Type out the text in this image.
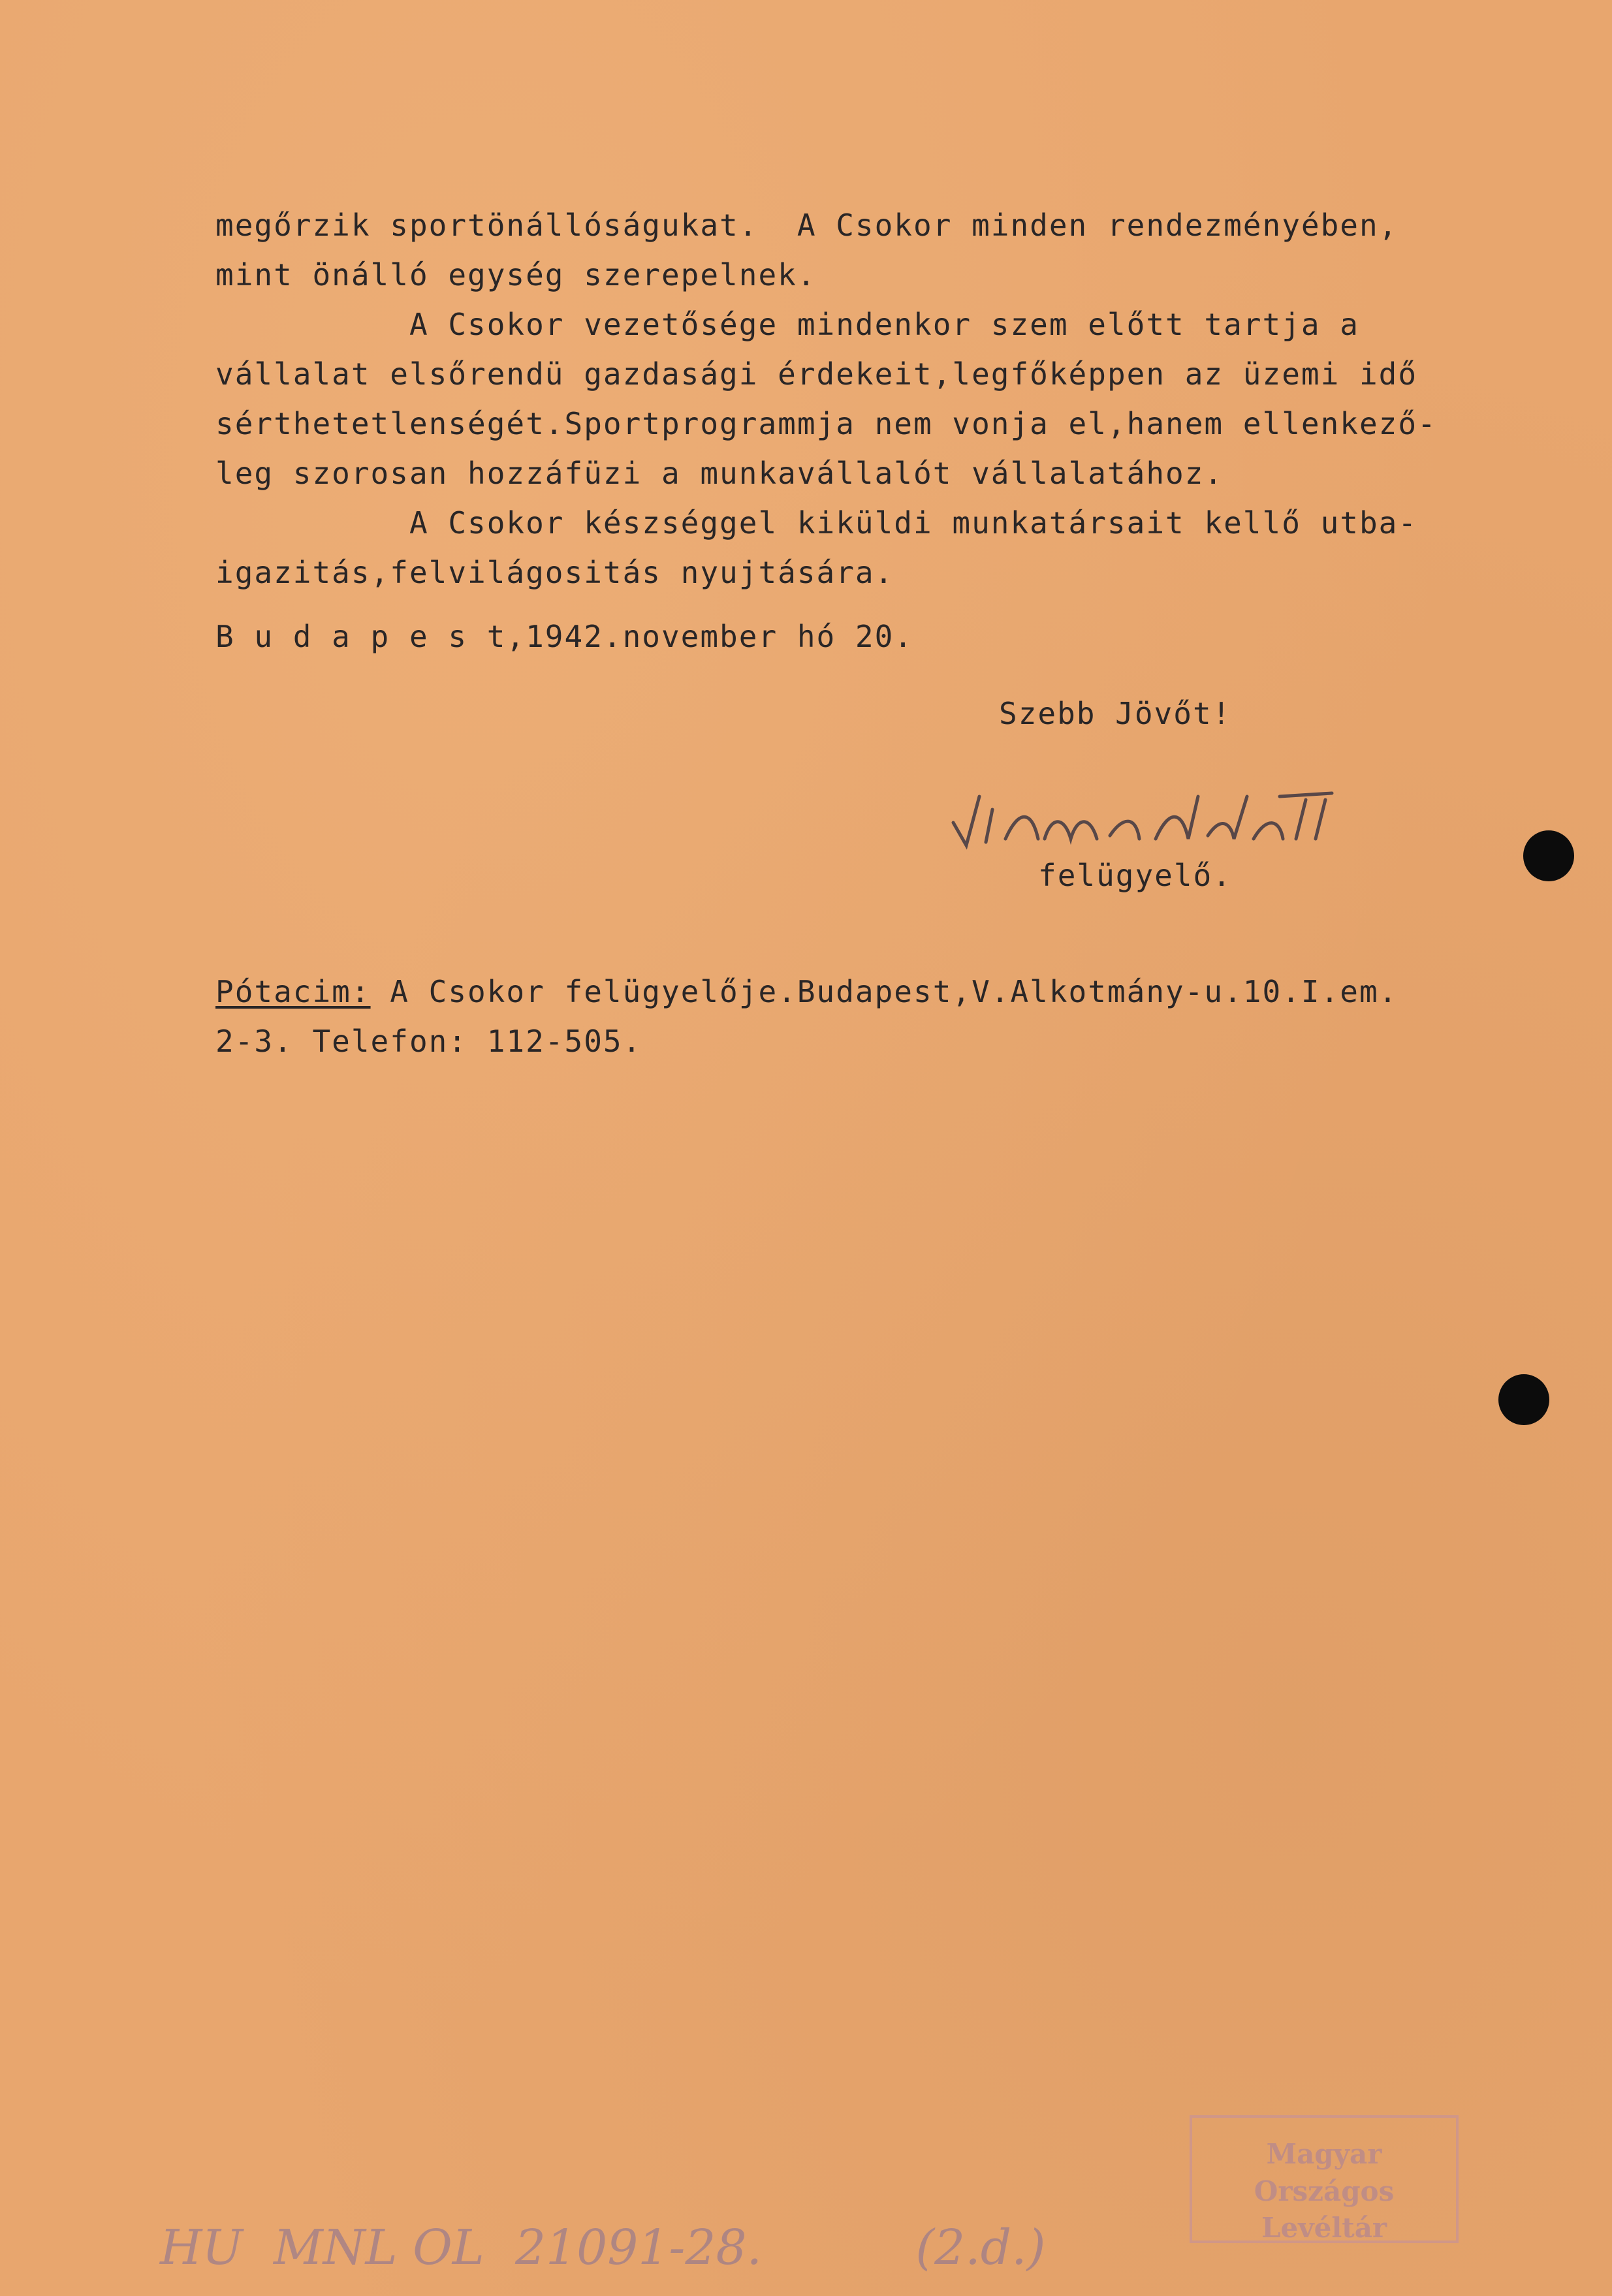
megőrzik sportönállóságukat.  A Csokor minden rendezményében,
mint önálló egység szerepelnek.
A Csokor vezetősége mindenkor szem előtt tartja a
vállalat elsőrendü gazdasági érdekeit,legfőképpen az üzemi idő
sérthetetlenségét.Sportprogrammja nem vonja el,hanem ellenkező-
leg szorosan hozzáfüzi a munkavállalót vállalatához.
A Csokor készséggel kiküldi munkatársait kellő utba-
igazitás,felvilágositás nyujtására.
B u d a p e s t,1942.november hó 20.
Szebb Jövőt!
felügyelő.
Pótacim: A Csokor felügyelője.Budapest,V.Alkotmány-u.10.I.em.
2-3. Telefon: 112-505.
Magyar Országos
Levéltár
HU  MNL OL  21091-28.	(2.d.)
